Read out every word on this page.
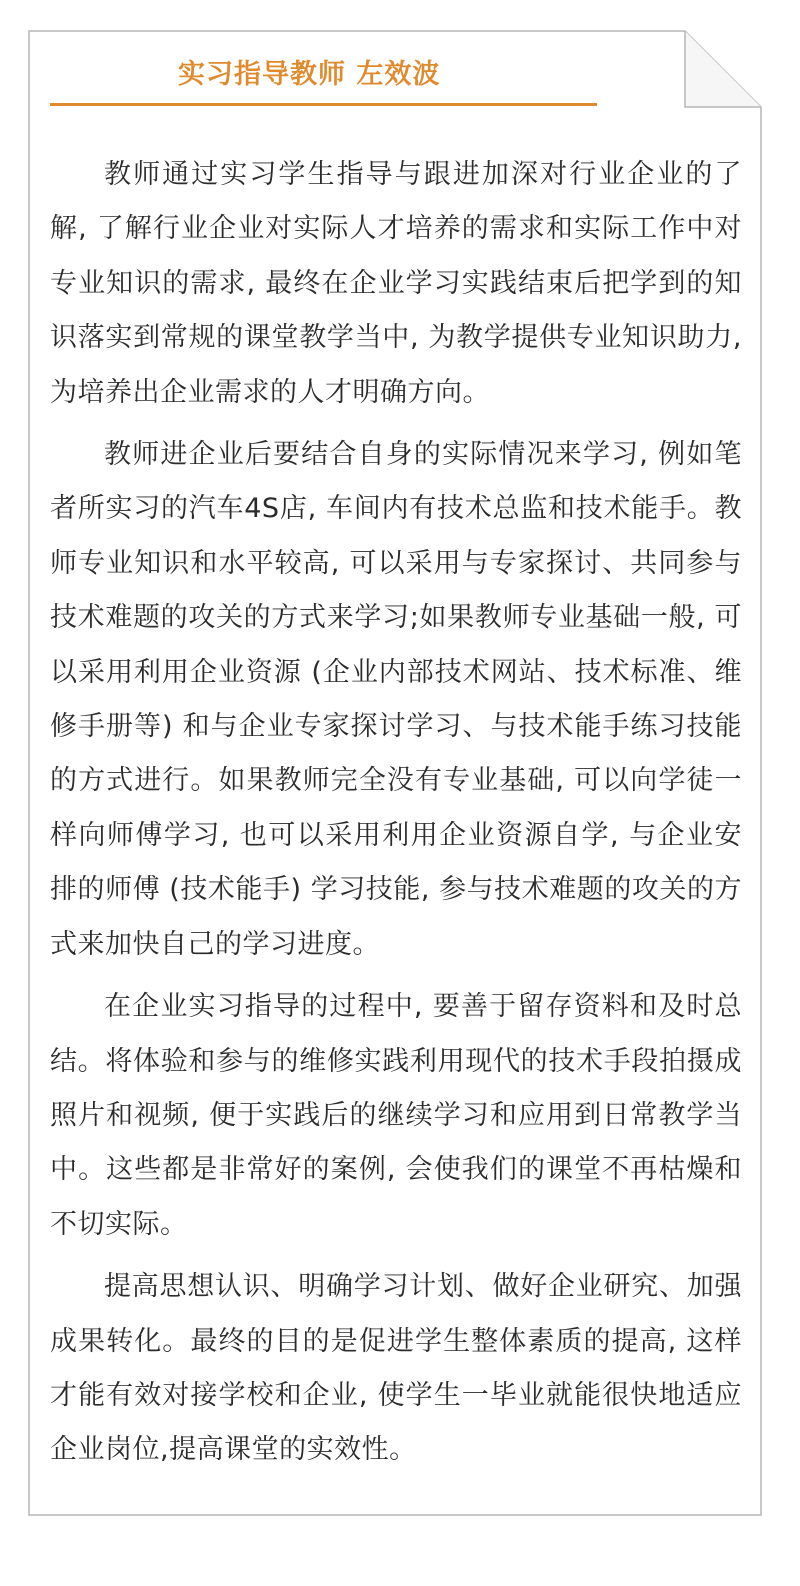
实习指导教师 左效波

教师通过实习学生指导与跟进加深对行业企业的了解, 了解行业企业对实际人才培养的需求和实际工作中对专业知识的需求, 最终在企业学习实践结束后把学到的知识落实到常规的课堂教学当中, 为教学提供专业知识助力, 为培养出企业需求的人才明确方向。

教师进企业后要结合自身的实际情况来学习, 例如笔者所实习的汽车4S店, 车间内有技术总监和技术能手。教师专业知识和水平较高, 可以采用与专家探讨、共同参与技术难题的攻关的方式来学习;如果教师专业基础一般, 可以采用利用企业资源 (企业内部技术网站、技术标准、维修手册等) 和与企业专家探讨学习、与技术能手练习技能的方式进行。如果教师完全没有专业基础, 可以向学徒一样向师傅学习, 也可以采用利用企业资源自学, 与企业安排的师傅 (技术能手) 学习技能, 参与技术难题的攻关的方式来加快自己的学习进度。

在企业实习指导的过程中, 要善于留存资料和及时总结。将体验和参与的维修实践利用现代的技术手段拍摄成照片和视频, 便于实践后的继续学习和应用到日常教学当中。这些都是非常好的案例, 会使我们的课堂不再枯燥和不切实际。

提高思想认识、明确学习计划、做好企业研究、加强成果转化。最终的目的是促进学生整体素质的提高, 这样才能有效对接学校和企业, 使学生一毕业就能很快地适应企业岗位,提高课堂的实效性。
